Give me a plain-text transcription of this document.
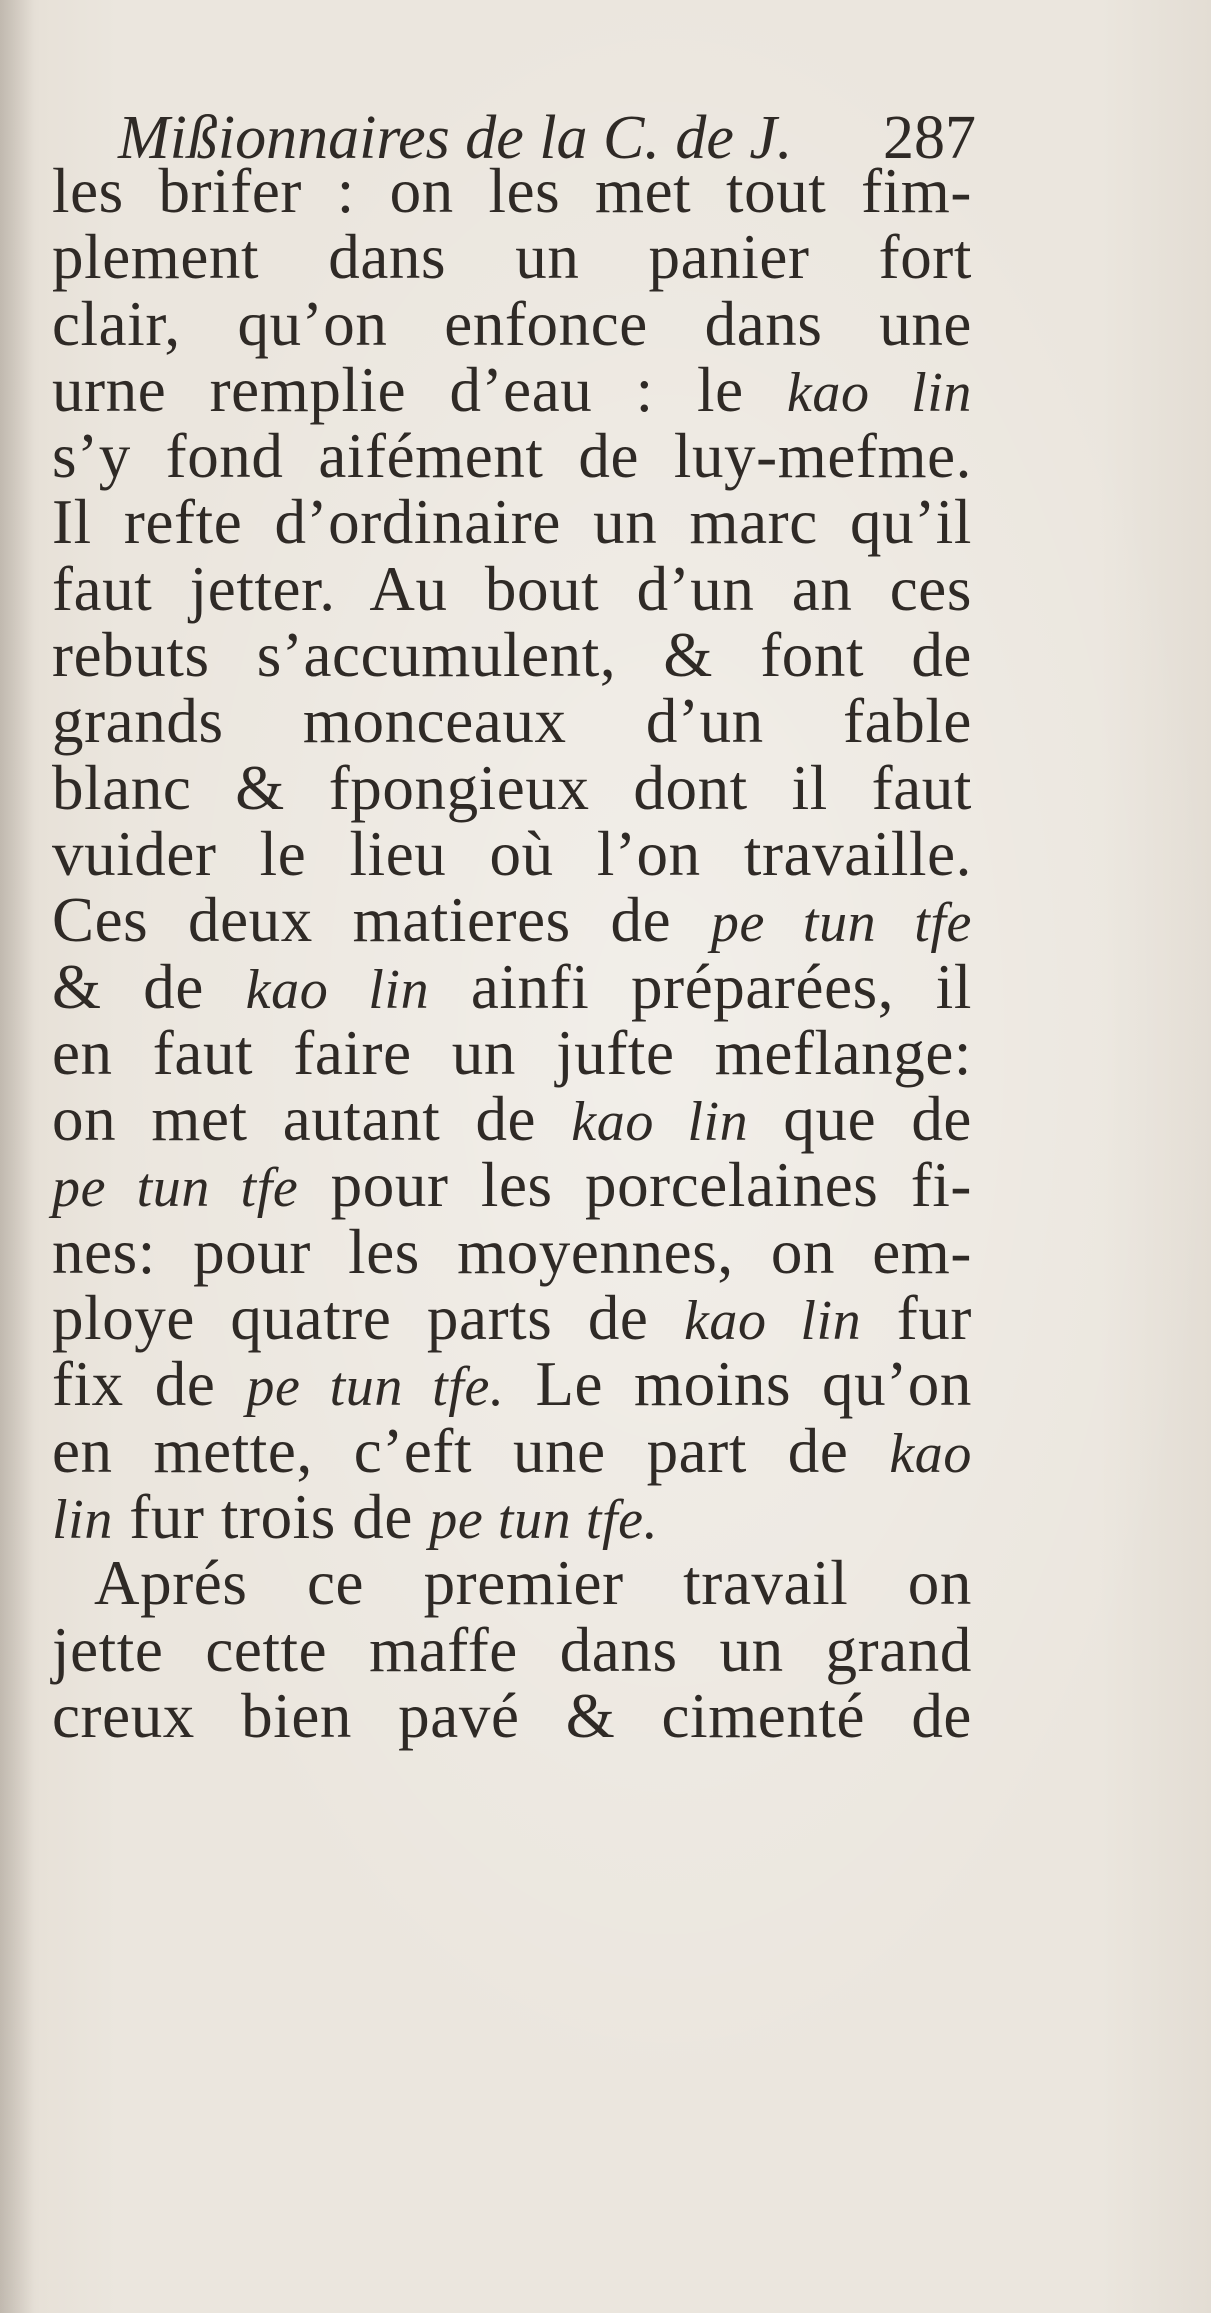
Mißionnaires de la C. de J. 287
les brifer : on les met tout fim-
plement dans un panier fort
clair, qu’on enfonce dans une
urne remplie d’eau : le kao lin
s’y fond aifément de luy-mefme.
Il refte d’ordinaire un marc qu’il
faut jetter. Au bout d’un an ces
rebuts s’accumulent, & font de
grands monceaux d’un fable
blanc & fpongieux dont il faut
vuider le lieu où l’on travaille.
Ces deux matieres de pe tun tfe
& de kao lin ainfi préparées, il
en faut faire un jufte meflange:
on met autant de kao lin que de
pe tun tfe pour les porcelaines fi-
nes: pour les moyennes, on em-
ploye quatre parts de kao lin fur
fix de pe tun tfe. Le moins qu’on
en mette, c’eft une part de kao
lin fur trois de pe tun tfe.
Aprés ce premier travail on
jette cette maffe dans un grand
creux bien pavé & cimenté de
